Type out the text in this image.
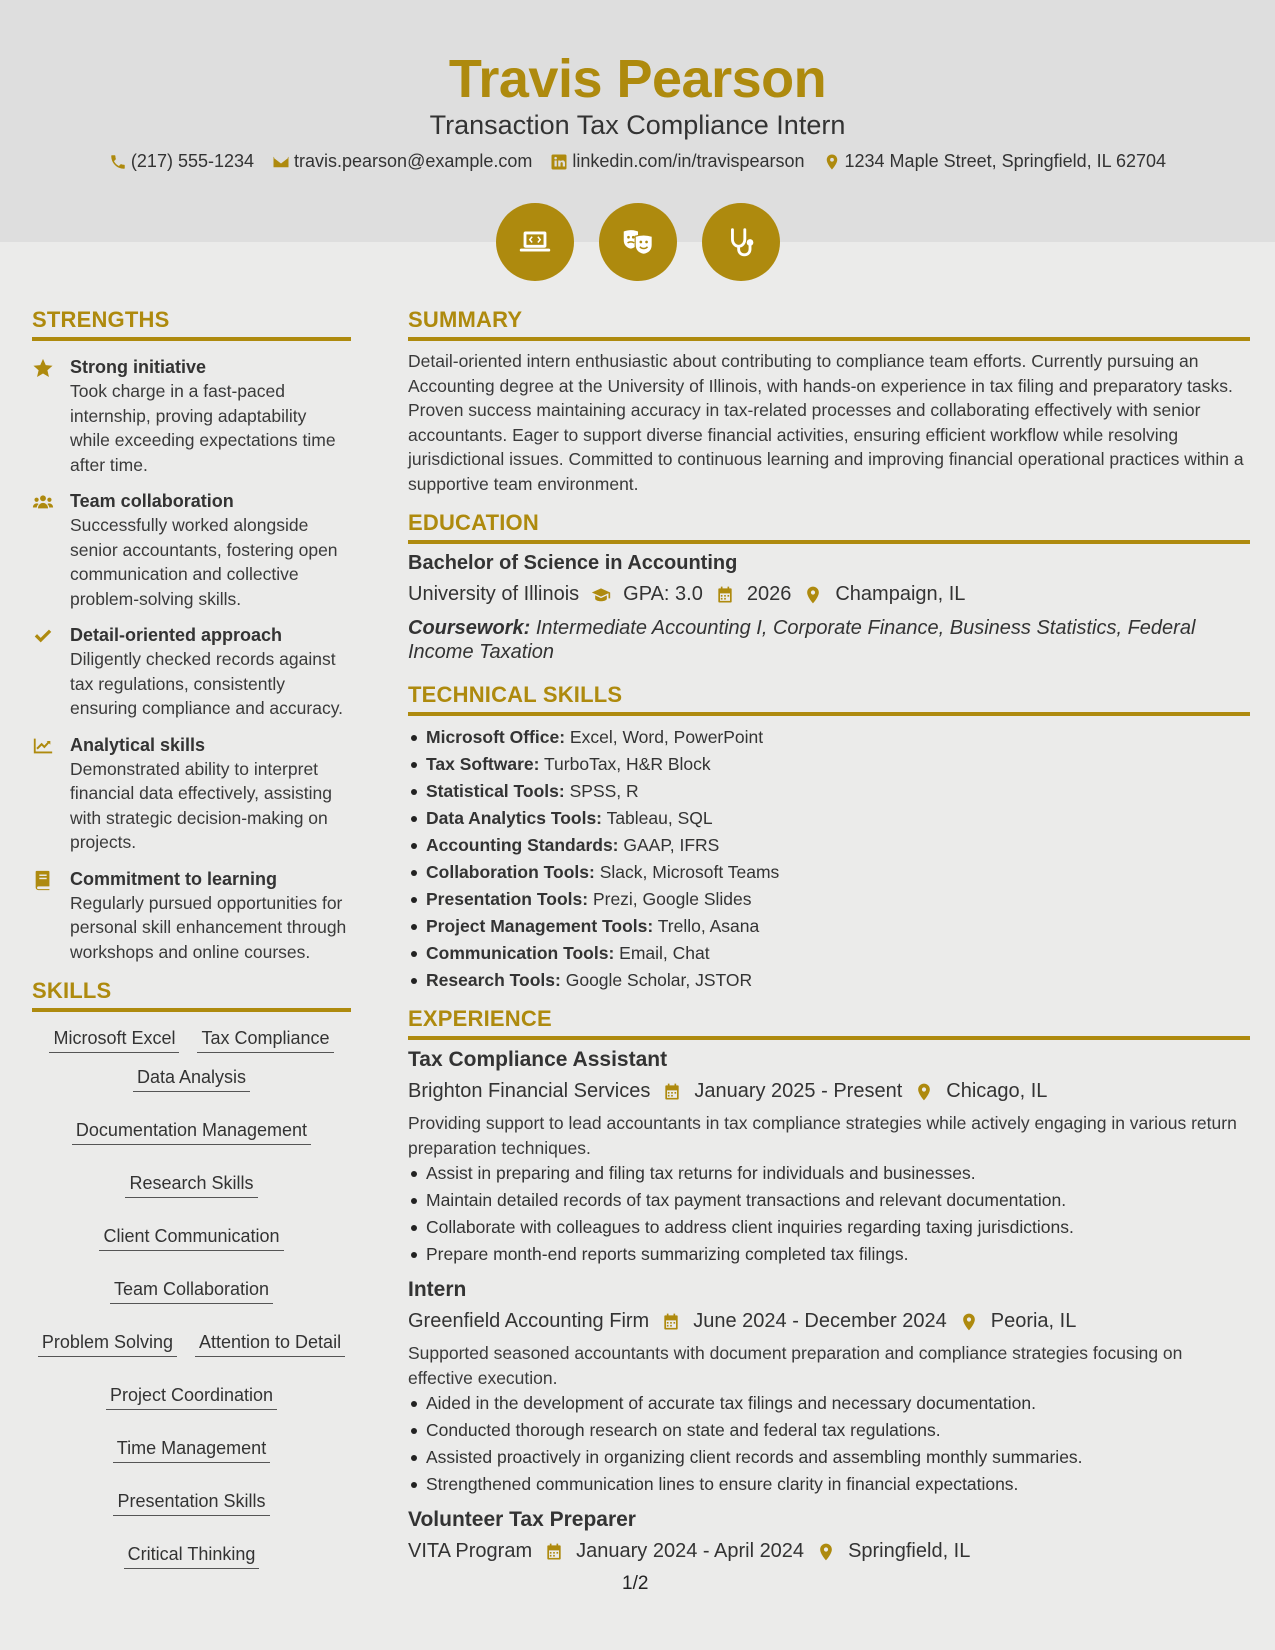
Travis Pearson
Transaction Tax Compliance Intern
(217) 555-1234 travis.pearson@example.com linkedin.com/in/travispearson 1234 Maple Street, Springfield, IL 62704
STRENGTHS
Strong initiative
Took charge in a fast-paced internship, proving adaptability while exceeding expectations time after time.
Team collaboration
Successfully worked alongside senior accountants, fostering open communication and collective problem-solving skills.
Detail-oriented approach
Diligently checked records against tax regulations, consistently ensuring compliance and accuracy.
Analytical skills
Demonstrated ability to interpret financial data effectively, assisting with strategic decision-making on projects.
Commitment to learning
Regularly pursued opportunities for personal skill enhancement through workshops and online courses.
SKILLS
Microsoft Excel Tax Compliance
Data Analysis
Documentation Management
Research Skills
Client Communication
Team Collaboration
Problem Solving Attention to Detail
Project Coordination
Time Management
Presentation Skills
Critical Thinking
SUMMARY
Detail-oriented intern enthusiastic about contributing to compliance team efforts. Currently pursuing an Accounting degree at the University of Illinois, with hands-on experience in tax filing and preparatory tasks. Proven success maintaining accuracy in tax-related processes and collaborating effectively with senior accountants. Eager to support diverse financial activities, ensuring efficient workflow while resolving jurisdictional issues. Committed to continuous learning and improving financial operational practices within a supportive team environment.
EDUCATION
Bachelor of Science in Accounting
University of Illinois GPA: 3.0 2026 Champaign, IL
Coursework: Intermediate Accounting I, Corporate Finance, Business Statistics, Federal Income Taxation
TECHNICAL SKILLS
Microsoft Office: Excel, Word, PowerPoint
Tax Software: TurboTax, H&R Block
Statistical Tools: SPSS, R
Data Analytics Tools: Tableau, SQL
Accounting Standards: GAAP, IFRS
Collaboration Tools: Slack, Microsoft Teams
Presentation Tools: Prezi, Google Slides
Project Management Tools: Trello, Asana
Communication Tools: Email, Chat
Research Tools: Google Scholar, JSTOR
EXPERIENCE
Tax Compliance Assistant
Brighton Financial Services January 2025 - Present Chicago, IL
Providing support to lead accountants in tax compliance strategies while actively engaging in various return preparation techniques.
Assist in preparing and filing tax returns for individuals and businesses.
Maintain detailed records of tax payment transactions and relevant documentation.
Collaborate with colleagues to address client inquiries regarding taxing jurisdictions.
Prepare month-end reports summarizing completed tax filings.
Intern
Greenfield Accounting Firm June 2024 - December 2024 Peoria, IL
Supported seasoned accountants with document preparation and compliance strategies focusing on effective execution.
Aided in the development of accurate tax filings and necessary documentation.
Conducted thorough research on state and federal tax regulations.
Assisted proactively in organizing client records and assembling monthly summaries.
Strengthened communication lines to ensure clarity in financial expectations.
Volunteer Tax Preparer
VITA Program January 2024 - April 2024 Springfield, IL
1/2
